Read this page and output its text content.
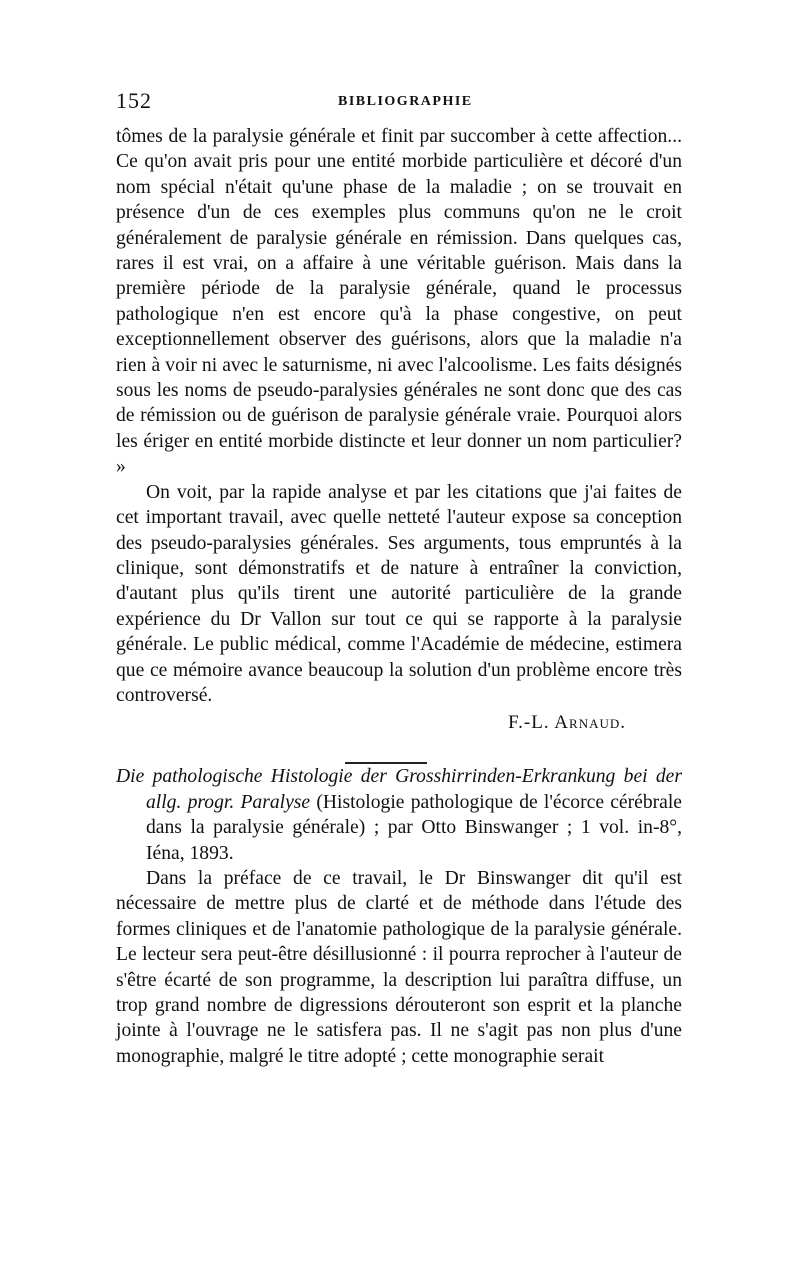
152	BIBLIOGRAPHIE

tômes de la paralysie générale et finit par succomber à cette affection... Ce qu'on avait pris pour une entité morbide particulière et décoré d'un nom spécial n'était qu'une phase de la maladie ; on se trouvait en présence d'un de ces exemples plus communs qu'on ne le croit généralement de paralysie générale en rémission. Dans quelques cas, rares il est vrai, on a affaire à une véritable guérison. Mais dans la première période de la paralysie générale, quand le processus pathologique n'en est encore qu'à la phase congestive, on peut exceptionnellement observer des guérisons, alors que la maladie n'a rien à voir ni avec le saturnisme, ni avec l'alcoolisme. Les faits désignés sous les noms de pseudo-paralysies générales ne sont donc que des cas de rémission ou de guérison de paralysie générale vraie. Pourquoi alors les ériger en entité morbide distincte et leur donner un nom particulier? »

On voit, par la rapide analyse et par les citations que j'ai faites de cet important travail, avec quelle netteté l'auteur expose sa conception des pseudo-paralysies générales. Ses arguments, tous empruntés à la clinique, sont démonstratifs et de nature à entraîner la conviction, d'autant plus qu'ils tirent une autorité particulière de la grande expérience du Dr Vallon sur tout ce qui se rapporte à la paralysie générale. Le public médical, comme l'Académie de médecine, estimera que ce mémoire avance beaucoup la solution d'un problème encore très controversé.

F.-L. Arnaud.

Die pathologische Histologie der Grosshirrinden-Erkrankung bei der allg. progr. Paralyse (Histologie pathologique de l'écorce cérébrale dans la paralysie générale) ; par Otto Binswanger ; 1 vol. in-8°, Iéna, 1893.

Dans la préface de ce travail, le Dr Binswanger dit qu'il est nécessaire de mettre plus de clarté et de méthode dans l'étude des formes cliniques et de l'anatomie pathologique de la paralysie générale. Le lecteur sera peut-être désillusionné : il pourra reprocher à l'auteur de s'être écarté de son programme, la description lui paraîtra diffuse, un trop grand nombre de digressions dérouteront son esprit et la planche jointe à l'ouvrage ne le satisfera pas. Il ne s'agit pas non plus d'une monographie, malgré le titre adopté ; cette monographie serait
